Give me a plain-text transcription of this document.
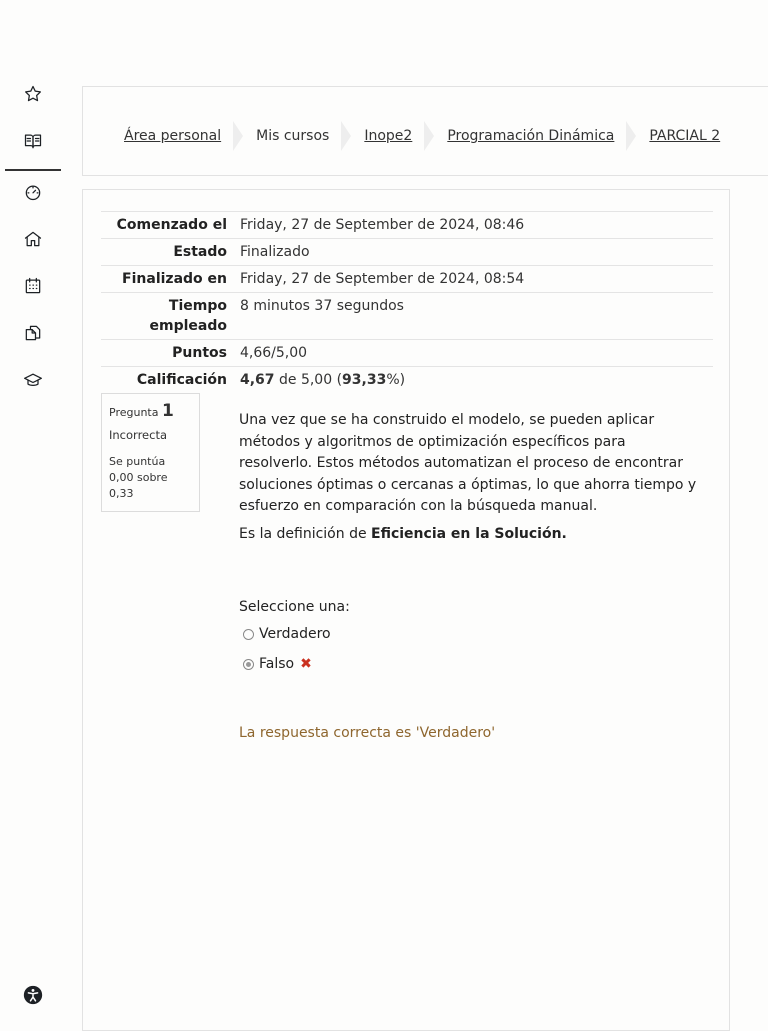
Área personal	Mis cursos	Inope2	Programación Dinámica	PARCIAL 2
Comenzado el	Friday, 27 de September de 2024, 08:46
Estado	Finalizado
Finalizado en	Friday, 27 de September de 2024, 08:54
Tiempo empleado	8 minutos 37 segundos
Puntos	4,66/5,00
Calificación	4,67 de 5,00 (93,33%)
Pregunta 1
Incorrecta
Se puntúa 0,00 sobre 0,33
Una vez que se ha construido el modelo, se pueden aplicar métodos y algoritmos de optimización específicos para resolverlo. Estos métodos automatizan el proceso de encontrar soluciones óptimas o cercanas a óptimas, lo que ahorra tiempo y esfuerzo en comparación con la búsqueda manual.
Es la definición de Eficiencia en la Solución.
Seleccione una:
Verdadero
Falso ✖
La respuesta correcta es 'Verdadero'
